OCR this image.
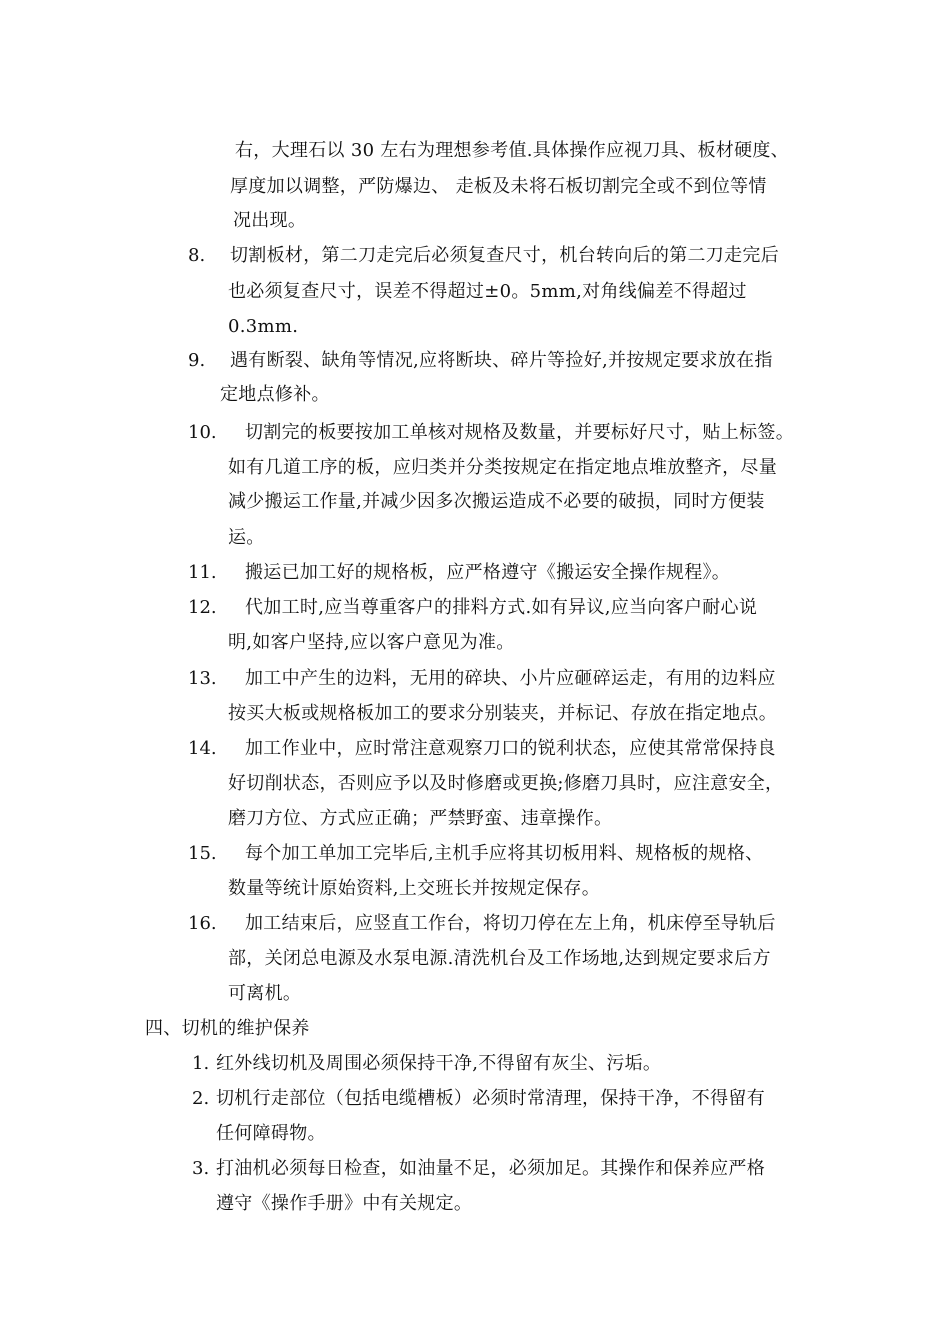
右，大理石以 30 左右为理想参考值.具体操作应视刀具、板材硬度、
厚度加以调整，严防爆边、 走板及未将石板切割完全或不到位等情
况出现。
8. 切割板材，第二刀走完后必须复查尺寸，机台转向后的第二刀走完后
也必须复查尺寸，误差不得超过±0。5mm,对角线偏差不得超过
0.3mm.
9. 遇有断裂、缺角等情况,应将断块、碎片等捡好,并按规定要求放在指
定地点修补。
10. 切割完的板要按加工单核对规格及数量，并要标好尺寸，贴上标签。
如有几道工序的板，应归类并分类按规定在指定地点堆放整齐，尽量
减少搬运工作量,并减少因多次搬运造成不必要的破损，同时方便装
运。
11. 搬运已加工好的规格板，应严格遵守《搬运安全操作规程》。
12. 代加工时,应当尊重客户的排料方式.如有异议,应当向客户耐心说
明,如客户坚持,应以客户意见为准。
13. 加工中产生的边料，无用的碎块、小片应砸碎运走，有用的边料应
按买大板或规格板加工的要求分别装夹，并标记、存放在指定地点。
14. 加工作业中，应时常注意观察刀口的锐利状态，应使其常常保持良
好切削状态，否则应予以及时修磨或更换;修磨刀具时，应注意安全，
磨刀方位、方式应正确；严禁野蛮、违章操作。
15. 每个加工单加工完毕后,主机手应将其切板用料、规格板的规格、
数量等统计原始资料,上交班长并按规定保存。
16. 加工结束后，应竖直工作台，将切刀停在左上角，机床停至导轨后
部，关闭总电源及水泵电源.清洗机台及工作场地,达到规定要求后方
可离机。
四、切机的维护保养
1. 红外线切机及周围必须保持干净,不得留有灰尘、污垢。
2. 切机行走部位（包括电缆槽板）必须时常清理，保持干净，不得留有
任何障碍物。
3. 打油机必须每日检查，如油量不足，必须加足。其操作和保养应严格
遵守《操作手册》中有关规定。
